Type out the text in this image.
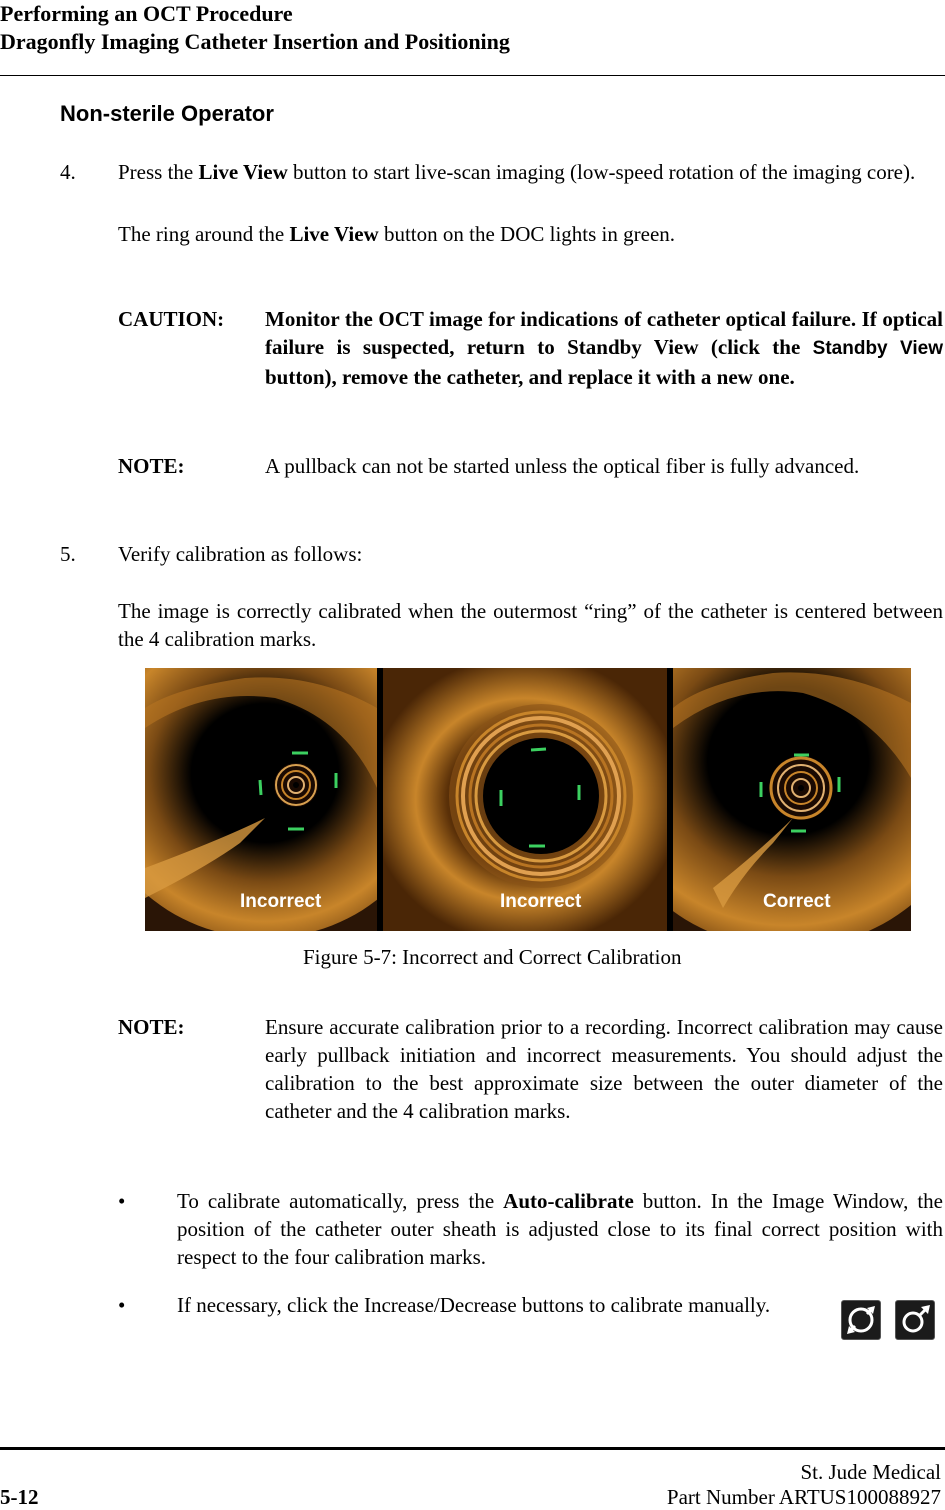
Performing an OCT Procedure
Dragonfly Imaging Catheter Insertion and Positioning
Non-sterile Operator
4. Press the Live View button to start live-scan imaging (low-speed rotation of the imaging core).
The ring around the Live View button on the DOC lights in green.
CAUTION: Monitor the OCT image for indications of catheter optical failure. If optical failure is suspected, return to Standby View (click the Standby View button), remove the catheter, and replace it with a new one.
NOTE:	A pullback can not be started unless the optical fiber is fully advanced.
5. Verify calibration as follows:
The image is correctly calibrated when the outermost “ring” of the catheter is centered between the 4 calibration marks.
Incorrect	Incorrect	Correct
Figure 5-7: Incorrect and Correct Calibration
NOTE:	Ensure accurate calibration prior to a recording. Incorrect calibration may cause early pullback initiation and incorrect measurements. You should adjust the calibration to the best approximate size between the outer diameter of the catheter and the 4 calibration marks.
• To calibrate automatically, press the Auto-calibrate button. In the Image Window, the position of the catheter outer sheath is adjusted close to its final correct position with respect to the four calibration marks.
• If necessary, click the Increase/Decrease buttons to calibrate manually.
St. Jude Medical
5-12	Part Number ARTUS100088927
